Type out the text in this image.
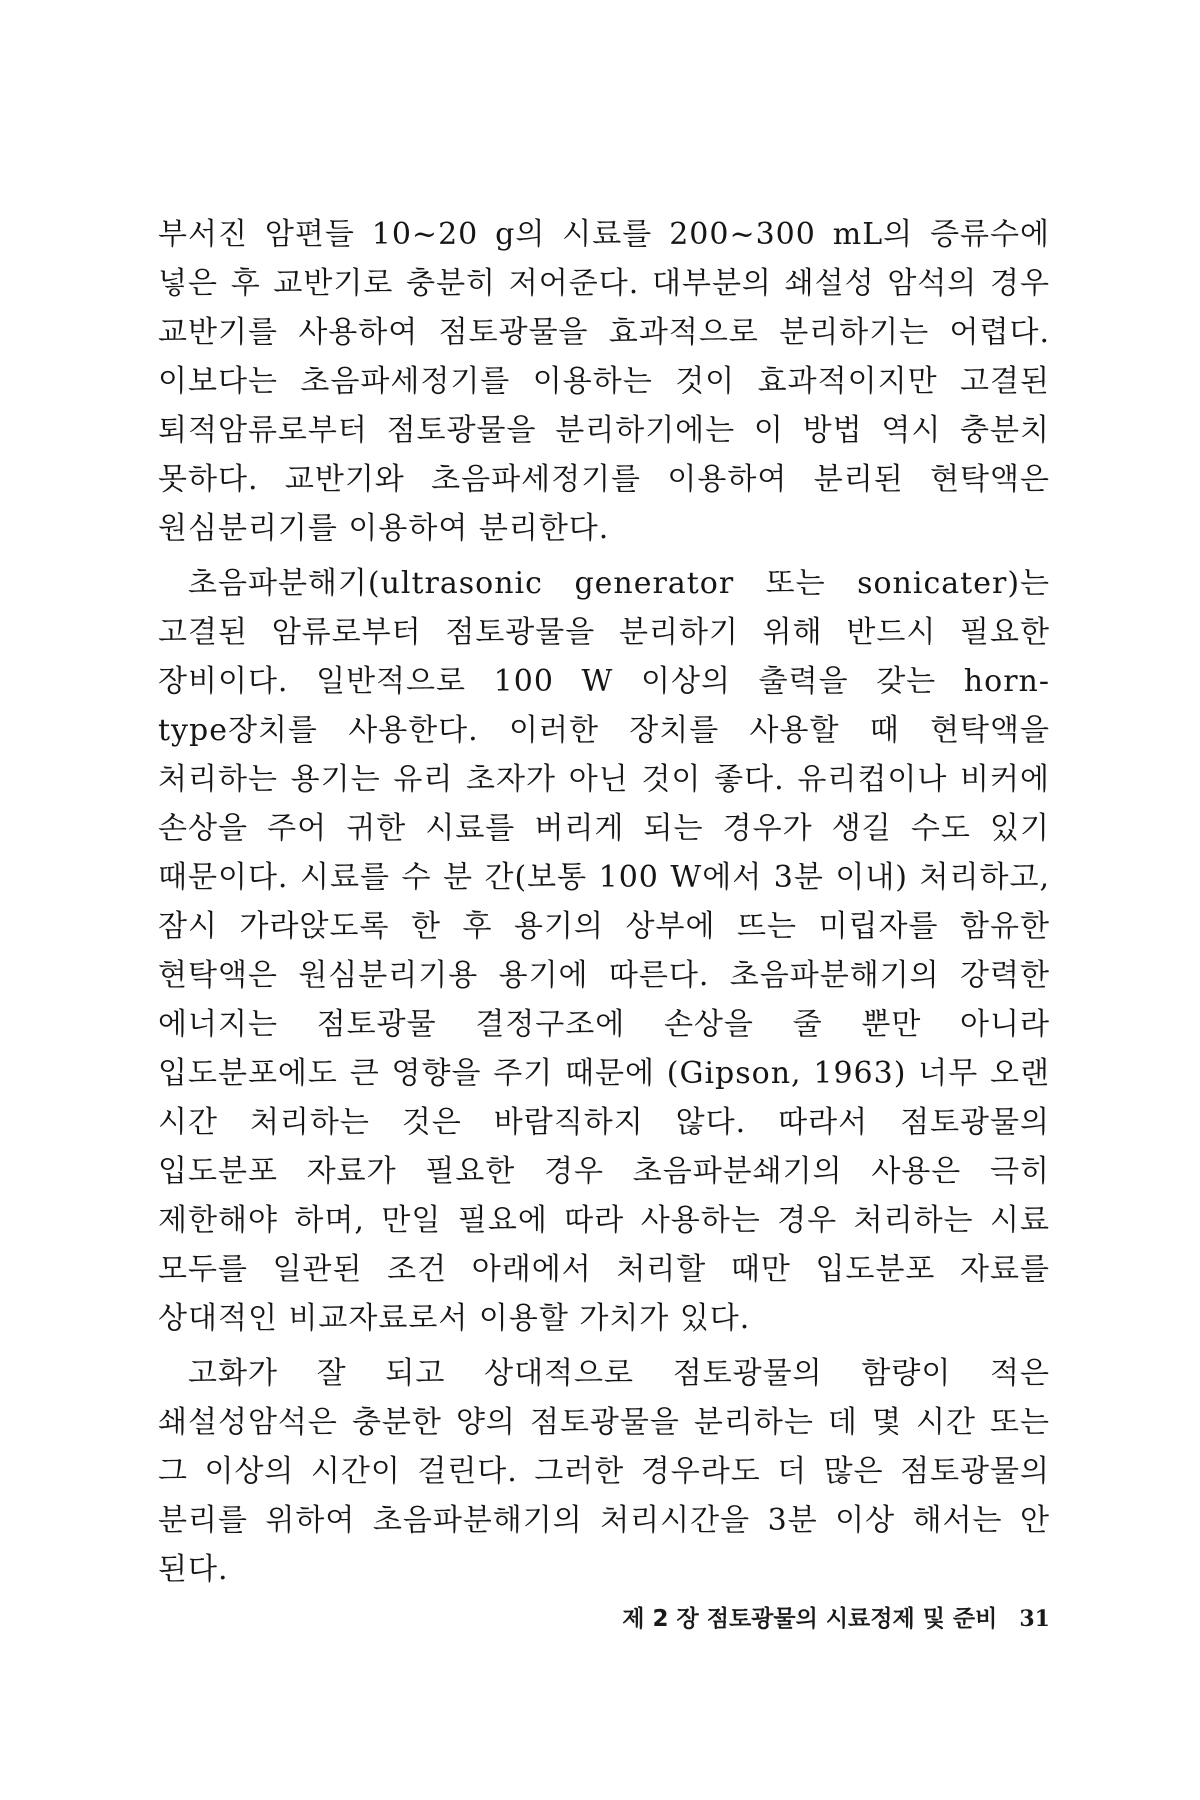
부서진 암편들 10~20 g의 시료를 200~300 mL의 증류수에 넣은 후 교반기로 충분히 저어준다. 대부분의 쇄설성 암석의 경우 교반기를 사용하여 점토광물을 효과적으로 분리하기는 어렵다. 이보다는 초음파세정기를 이용하는 것이 효과적이지만 고결된 퇴적암류로부터 점토광물을 분리하기에는 이 방법 역시 충분치 못하다. 교반기와 초음파세정기를 이용하여 분리된 현탁액은 원심분리기를 이용하여 분리한다.

초음파분해기(ultrasonic generator 또는 sonicater)는 고결된 암류로부터 점토광물을 분리하기 위해 반드시 필요한 장비이다. 일반적으로 100 W 이상의 출력을 갖는 horn-type장치를 사용한다. 이러한 장치를 사용할 때 현탁액을 처리하는 용기는 유리 초자가 아닌 것이 좋다. 유리컵이나 비커에 손상을 주어 귀한 시료를 버리게 되는 경우가 생길 수도 있기 때문이다. 시료를 수 분 간(보통 100 W에서 3분 이내) 처리하고, 잠시 가라앉도록 한 후 용기의 상부에 뜨는 미립자를 함유한 현탁액은 원심분리기용 용기에 따른다. 초음파분해기의 강력한 에너지는 점토광물 결정구조에 손상을 줄 뿐만 아니라 입도분포에도 큰 영향을 주기 때문에 (Gipson, 1963) 너무 오랜 시간 처리하는 것은 바람직하지 않다. 따라서 점토광물의 입도분포 자료가 필요한 경우 초음파분쇄기의 사용은 극히 제한해야 하며, 만일 필요에 따라 사용하는 경우 처리하는 시료 모두를 일관된 조건 아래에서 처리할 때만 입도분포 자료를 상대적인 비교자료로서 이용할 가치가 있다.

고화가 잘 되고 상대적으로 점토광물의 함량이 적은 쇄설성암석은 충분한 양의 점토광물을 분리하는 데 몇 시간 또는 그 이상의 시간이 걸린다. 그러한 경우라도 더 많은 점토광물의 분리를 위하여 초음파분해기의 처리시간을 3분 이상 해서는 안 된다.

제 2 장 점토광물의 시료정제 및 준비 31
